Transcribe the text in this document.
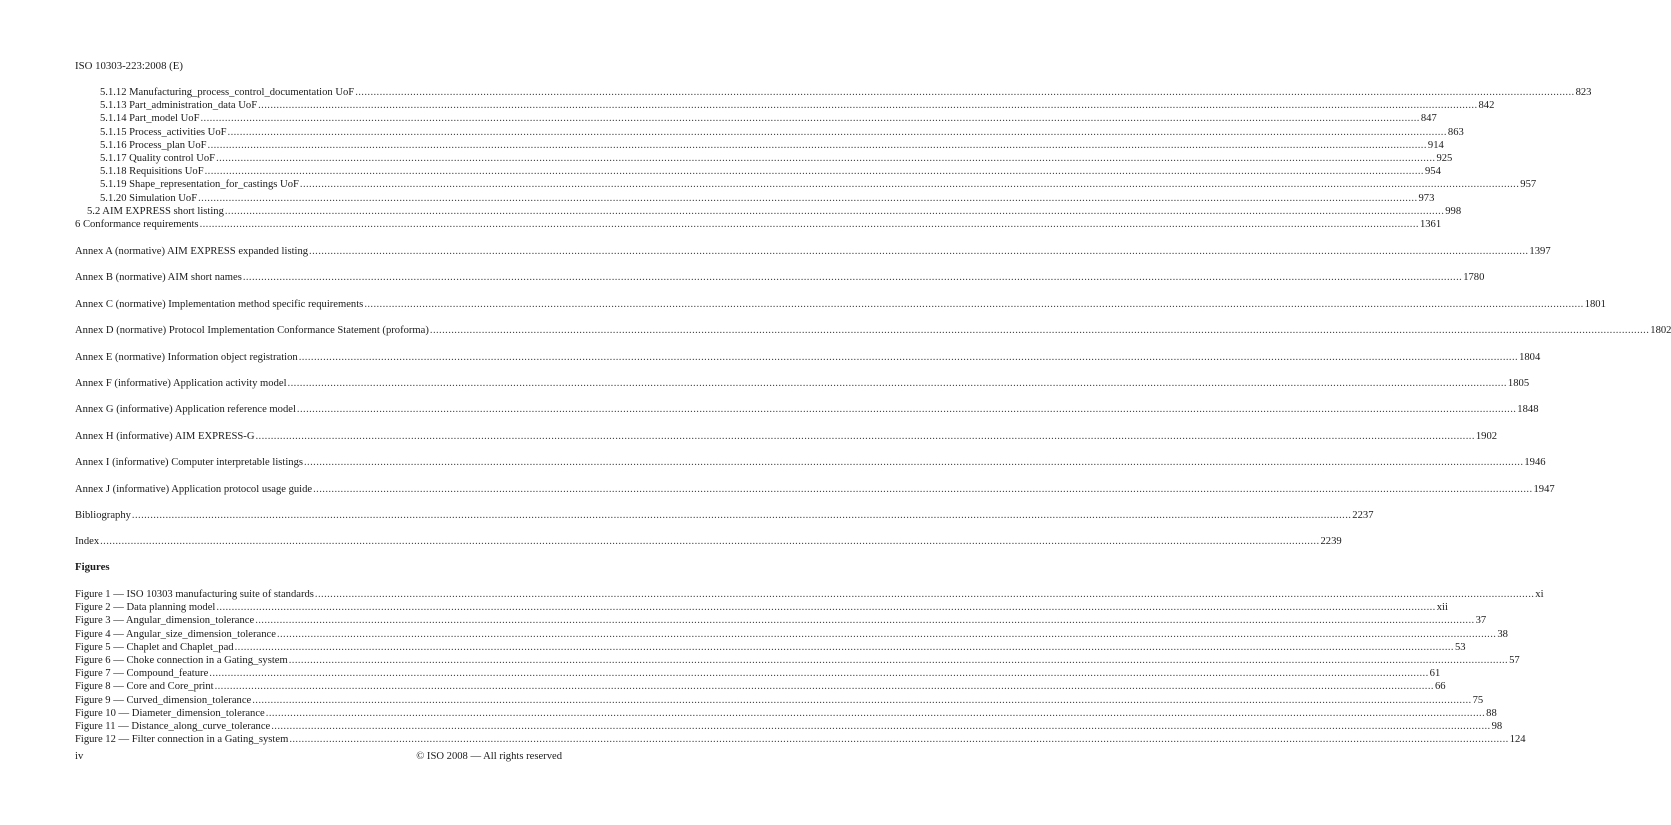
ISO 10303-223:2008 (E)
5.1.12 Manufacturing_process_control_documentation UoF ................................................................................................................................................................................................................................................................................................................................................................................................................ 823
5.1.13 Part_administration_data UoF ................................................................................................................................................................................................................................................................................................................................................................................................................ 842
5.1.14 Part_model UoF ................................................................................................................................................................................................................................................................................................................................................................................................................ 847
5.1.15 Process_activities UoF ................................................................................................................................................................................................................................................................................................................................................................................................................ 863
5.1.16 Process_plan UoF ................................................................................................................................................................................................................................................................................................................................................................................................................ 914
5.1.17 Quality control UoF ................................................................................................................................................................................................................................................................................................................................................................................................................ 925
5.1.18 Requisitions UoF ................................................................................................................................................................................................................................................................................................................................................................................................................ 954
5.1.19 Shape_representation_for_castings UoF ................................................................................................................................................................................................................................................................................................................................................................................................................ 957
5.1.20 Simulation UoF ................................................................................................................................................................................................................................................................................................................................................................................................................ 973
5.2 AIM EXPRESS short listing ................................................................................................................................................................................................................................................................................................................................................................................................................ 998
6 Conformance requirements ................................................................................................................................................................................................................................................................................................................................................................................................................ 1361
Annex A (normative) AIM EXPRESS expanded listing ................................................................................................................................................................................................................................................................................................................................................................................................................ 1397
Annex B (normative) AIM short names ................................................................................................................................................................................................................................................................................................................................................................................................................ 1780
Annex C (normative) Implementation method specific requirements ................................................................................................................................................................................................................................................................................................................................................................................................................ 1801
Annex D (normative) Protocol Implementation Conformance Statement (proforma) ................................................................................................................................................................................................................................................................................................................................................................................................................ 1802
Annex E (normative) Information object registration ................................................................................................................................................................................................................................................................................................................................................................................................................ 1804
Annex F (informative) Application activity model ................................................................................................................................................................................................................................................................................................................................................................................................................ 1805
Annex G (informative) Application reference model ................................................................................................................................................................................................................................................................................................................................................................................................................ 1848
Annex H (informative) AIM EXPRESS-G ................................................................................................................................................................................................................................................................................................................................................................................................................ 1902
Annex I (informative) Computer interpretable listings ................................................................................................................................................................................................................................................................................................................................................................................................................ 1946
Annex J (informative) Application protocol usage guide ................................................................................................................................................................................................................................................................................................................................................................................................................ 1947
Bibliography ................................................................................................................................................................................................................................................................................................................................................................................................................ 2237
Index ................................................................................................................................................................................................................................................................................................................................................................................................................ 2239
Figures
Figure 1 — ISO 10303 manufacturing suite of standards ................................................................................................................................................................................................................................................................................................................................................................................................................ xi
Figure 2 — Data planning model ................................................................................................................................................................................................................................................................................................................................................................................................................ xii
Figure 3 — Angular_dimension_tolerance ................................................................................................................................................................................................................................................................................................................................................................................................................ 37
Figure 4 — Angular_size_dimension_tolerance ................................................................................................................................................................................................................................................................................................................................................................................................................ 38
Figure 5 — Chaplet and Chaplet_pad ................................................................................................................................................................................................................................................................................................................................................................................................................ 53
Figure 6 — Choke connection in a Gating_system ................................................................................................................................................................................................................................................................................................................................................................................................................ 57
Figure 7 — Compound_feature ................................................................................................................................................................................................................................................................................................................................................................................................................ 61
Figure 8 — Core and Core_print ................................................................................................................................................................................................................................................................................................................................................................................................................ 66
Figure 9 — Curved_dimension_tolerance ................................................................................................................................................................................................................................................................................................................................................................................................................ 75
Figure 10 — Diameter_dimension_tolerance ................................................................................................................................................................................................................................................................................................................................................................................................................ 88
Figure 11 — Distance_along_curve_tolerance ................................................................................................................................................................................................................................................................................................................................................................................................................ 98
Figure 12 — Filter connection in a Gating_system ................................................................................................................................................................................................................................................................................................................................................................................................................ 124
iv	© ISO 2008 — All rights reserved
